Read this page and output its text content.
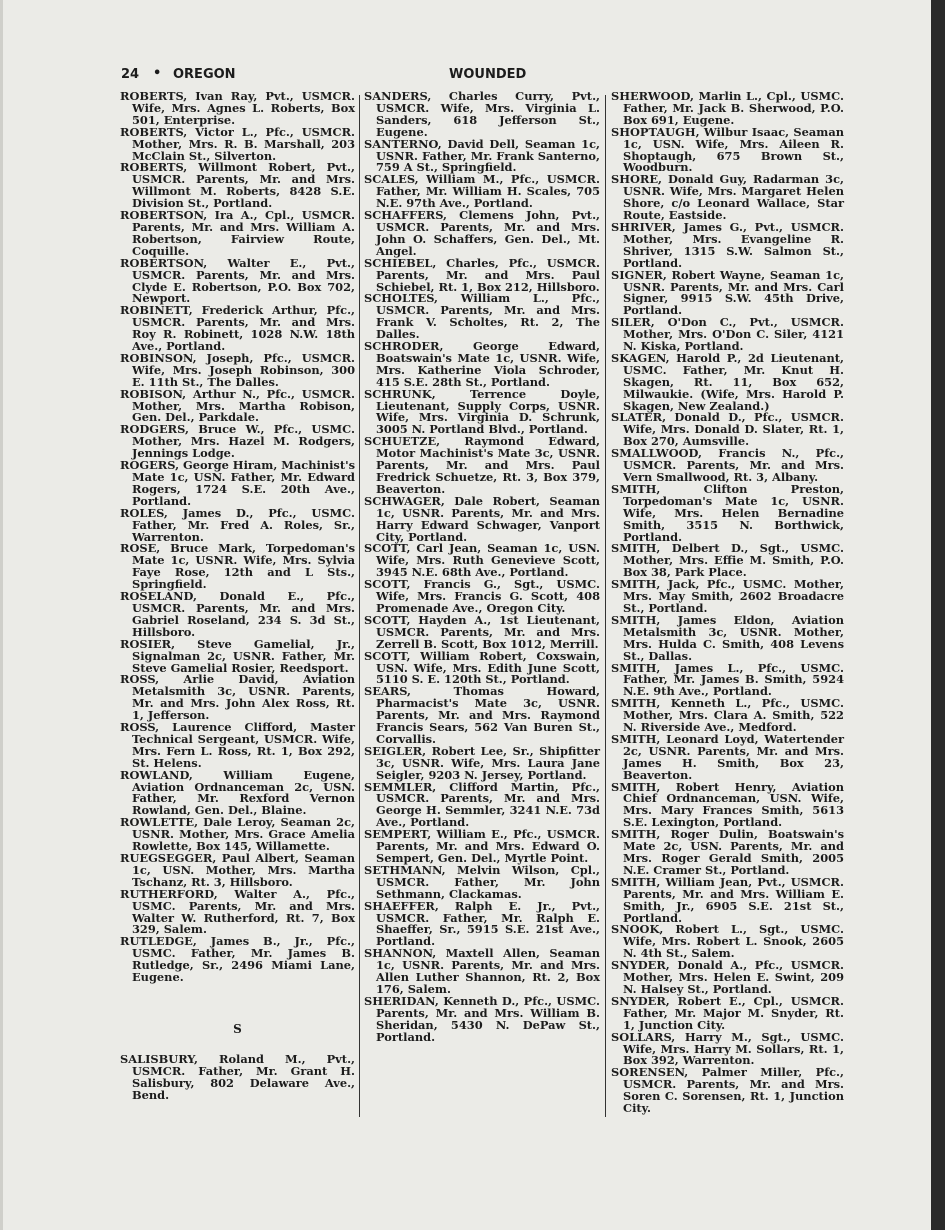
24 • OREGON	WOUNDED

ROBERTS, Ivan Ray, Pvt., USMCR. Wife, Mrs. Agnes L. Roberts, Box 501, Enterprise.

ROBERTS, Victor L., Pfc., USMCR. Mother, Mrs. R. B. Marshall, 203 McClain St., Silverton.

ROBERTS, Willmont Robert, Pvt., USMCR. Parents, Mr. and Mrs. Willmont M. Roberts, 8428 S.E. Division St., Portland.

ROBERTSON, Ira A., Cpl., USMCR. Parents, Mr. and Mrs. William A. Robertson, Fairview Route, Coquille.

ROBERTSON, Walter E., Pvt., USMCR. Parents, Mr. and Mrs. Clyde E. Robertson, P.O. Box 702, Newport.

ROBINETT, Frederick Arthur, Pfc., USMCR. Parents, Mr. and Mrs. Roy R. Robinett, 1028 N.W. 18th Ave., Portland.

ROBINSON, Joseph, Pfc., USMCR. Wife, Mrs. Joseph Robinson, 300 E. 11th St., The Dalles.

ROBISON, Arthur N., Pfc., USMCR. Mother, Mrs. Martha Robison, Gen. Del., Parkdale.

RODGERS, Bruce W., Pfc., USMC. Mother, Mrs. Hazel M. Rodgers, Jennings Lodge.

ROGERS, George Hiram, Machinist's Mate 1c, USN. Father, Mr. Edward Rogers, 1724 S.E. 20th Ave., Portland.

ROLES, James D., Pfc., USMC. Father, Mr. Fred A. Roles, Sr., Warrenton.

ROSE, Bruce Mark, Torpedoman's Mate 1c, USNR. Wife, Mrs. Sylvia Faye Rose, 12th and L Sts., Springfield.

ROSELAND, Donald E., Pfc., USMCR. Parents, Mr. and Mrs. Gabriel Roseland, 234 S. 3d St., Hillsboro.

ROSIER, Steve Gamelial, Jr., Signalman 2c, USNR. Father, Mr. Steve Gamelial Rosier, Reedsport.

ROSS, Arlie David, Aviation Metalsmith 3c, USNR. Parents, Mr. and Mrs. John Alex Ross, Rt. 1, Jefferson.

ROSS, Laurence Clifford, Master Technical Sergeant, USMCR. Wife, Mrs. Fern L. Ross, Rt. 1, Box 292, St. Helens.

ROWLAND, William Eugene, Aviation Ordnanceman 2c, USN. Father, Mr. Rexford Vernon Rowland, Gen. Del., Blaine.

ROWLETTE, Dale Leroy, Seaman 2c, USNR. Mother, Mrs. Grace Amelia Rowlette, Box 145, Willamette.

RUEGSEGGER, Paul Albert, Seaman 1c, USN. Mother, Mrs. Martha Tschanz, Rt. 3, Hillsboro.

RUTHERFORD, Walter A., Pfc., USMC. Parents, Mr. and Mrs. Walter W. Rutherford, Rt. 7, Box 329, Salem.

RUTLEDGE, James B., Jr., Pfc., USMC. Father, Mr. James B. Rutledge, Sr., 2496 Miami Lane, Eugene.

S

SALISBURY, Roland M., Pvt., USMCR. Father, Mr. Grant H. Salisbury, 802 Delaware Ave., Bend.

SANDERS, Charles Curry, Pvt., USMCR. Wife, Mrs. Virginia L. Sanders, 618 Jefferson St., Eugene.

SANTERNO, David Dell, Seaman 1c, USNR. Father, Mr. Frank Santerno, 759 A St., Springfield.

SCALES, William M., Pfc., USMCR. Father, Mr. William H. Scales, 705 N.E. 97th Ave., Portland.

SCHAFFERS, Clemens John, Pvt., USMCR. Parents, Mr. and Mrs. John O. Schaffers, Gen. Del., Mt. Angel.

SCHIEBEL, Charles, Pfc., USMCR. Parents, Mr. and Mrs. Paul Schiebel, Rt. 1, Box 212, Hillsboro.

SCHOLTES, William L., Pfc., USMCR. Parents, Mr. and Mrs. Frank V. Scholtes, Rt. 2, The Dalles.

SCHRODER, George Edward, Boatswain's Mate 1c, USNR. Wife, Mrs. Katherine Viola Schroder, 415 S.E. 28th St., Portland.

SCHRUNK, Terrence Doyle, Lieutenant, Supply Corps, USNR. Wife, Mrs. Virginia D. Schrunk, 3005 N. Portland Blvd., Portland.

SCHUETZE, Raymond Edward, Motor Machinist's Mate 3c, USNR. Parents, Mr. and Mrs. Paul Fredrick Schuetze, Rt. 3, Box 379, Beaverton.

SCHWAGER, Dale Robert, Seaman 1c, USNR. Parents, Mr. and Mrs. Harry Edward Schwager, Vanport City, Portland.

SCOTT, Carl Jean, Seaman 1c, USN. Wife, Mrs. Ruth Genevieve Scott, 3945 N.E. 68th Ave., Portland.

SCOTT, Francis G., Sgt., USMC. Wife, Mrs. Francis G. Scott, 408 Promenade Ave., Oregon City.

SCOTT, Hayden A., 1st Lieutenant, USMCR. Parents, Mr. and Mrs. Zerrell B. Scott, Box 1012, Merrill.

SCOTT, William Robert, Coxswain, USN. Wife, Mrs. Edith June Scott, 5110 S. E. 120th St., Portland.

SEARS, Thomas Howard, Pharmacist's Mate 3c, USNR. Parents, Mr. and Mrs. Raymond Francis Sears, 562 Van Buren St., Corvallis.

SEIGLER, Robert Lee, Sr., Shipfitter 3c, USNR. Wife, Mrs. Laura Jane Seigler, 9203 N. Jersey, Portland.

SEMMLER, Clifford Martin, Pfc., USMCR. Parents, Mr. and Mrs. George H. Semmler, 3241 N.E. 73d Ave., Portland.

SEMPERT, William E., Pfc., USMCR. Parents, Mr. and Mrs. Edward O. Sempert, Gen. Del., Myrtle Point.

SETHMANN, Melvin Wilson, Cpl., USMCR. Father, Mr. John Sethmann, Clackamas.

SHAEFFER, Ralph E. Jr., Pvt., USMCR. Father, Mr. Ralph E. Shaeffer, Sr., 5915 S.E. 21st Ave., Portland.

SHANNON, Maxtell Allen, Seaman 1c, USNR. Parents, Mr. and Mrs. Allen Luther Shannon, Rt. 2, Box 176, Salem.

SHERIDAN, Kenneth D., Pfc., USMC. Parents, Mr. and Mrs. William B. Sheridan, 5430 N. DePaw St., Portland.

SHERWOOD, Marlin L., Cpl., USMC. Father, Mr. Jack B. Sherwood, P.O. Box 691, Eugene.

SHOPTAUGH, Wilbur Isaac, Seaman 1c, USN. Wife, Mrs. Aileen R. Shoptaugh, 675 Brown St., Woodburn.

SHORE, Donald Guy, Radarman 3c, USNR. Wife, Mrs. Margaret Helen Shore, c/o Leonard Wallace, Star Route, Eastside.

SHRIVER, James G., Pvt., USMCR. Mother, Mrs. Evangeline R. Shriver, 1315 S.W. Salmon St., Portland.

SIGNER, Robert Wayne, Seaman 1c, USNR. Parents, Mr. and Mrs. Carl Signer, 9915 S.W. 45th Drive, Portland.

SILER, O'Don C., Pvt., USMCR. Mother, Mrs. O'Don C. Siler, 4121 N. Kiska, Portland.

SKAGEN, Harold P., 2d Lieutenant, USMC. Father, Mr. Knut H. Skagen, Rt. 11, Box 652, Milwaukie. (Wife, Mrs. Harold P. Skagen, New Zealand.)

SLATER, Donald D., Pfc., USMCR. Wife, Mrs. Donald D. Slater, Rt. 1, Box 270, Aumsville.

SMALLWOOD, Francis N., Pfc., USMCR. Parents, Mr. and Mrs. Vern Smallwood, Rt. 3, Albany.

SMITH, Clifton Preston, Torpedoman's Mate 1c, USNR. Wife, Mrs. Helen Bernadine Smith, 3515 N. Borthwick, Portland.

SMITH, Delbert D., Sgt., USMC. Mother, Mrs. Effie M. Smith, P.O. Box 38, Park Place.

SMITH, Jack, Pfc., USMC. Mother, Mrs. May Smith, 2602 Broadacre St., Portland.

SMITH, James Eldon, Aviation Metalsmith 3c, USNR. Mother, Mrs. Hulda C. Smith, 408 Levens St., Dallas.

SMITH, James L., Pfc., USMC. Father, Mr. James B. Smith, 5924 N.E. 9th Ave., Portland.

SMITH, Kenneth L., Pfc., USMC. Mother, Mrs. Clara A. Smith, 522 N. Riverside Ave., Medford.

SMITH, Leonard Loyd, Watertender 2c, USNR. Parents, Mr. and Mrs. James H. Smith, Box 23, Beaverton.

SMITH, Robert Henry, Aviation Chief Ordnanceman, USN. Wife, Mrs. Mary Frances Smith, 5613 S.E. Lexington, Portland.

SMITH, Roger Dulin, Boatswain's Mate 2c, USN. Parents, Mr. and Mrs. Roger Gerald Smith, 2005 N.E. Cramer St., Portland.

SMITH, William Jean, Pvt., USMCR. Parents, Mr. and Mrs. William E. Smith, Jr., 6905 S.E. 21st St., Portland.

SNOOK, Robert L., Sgt., USMC. Wife, Mrs. Robert L. Snook, 2605 N. 4th St., Salem.

SNYDER, Donald A., Pfc., USMCR. Mother, Mrs. Helen E. Swint, 209 N. Halsey St., Portland.

SNYDER, Robert E., Cpl., USMCR. Father, Mr. Major M. Snyder, Rt. 1, Junction City.

SOLLARS, Harry M., Sgt., USMC. Wife, Mrs. Harry M. Sollars, Rt. 1, Box 392, Warrenton.

SORENSEN, Palmer Miller, Pfc., USMCR. Parents, Mr. and Mrs. Soren C. Sorensen, Rt. 1, Junction City.
